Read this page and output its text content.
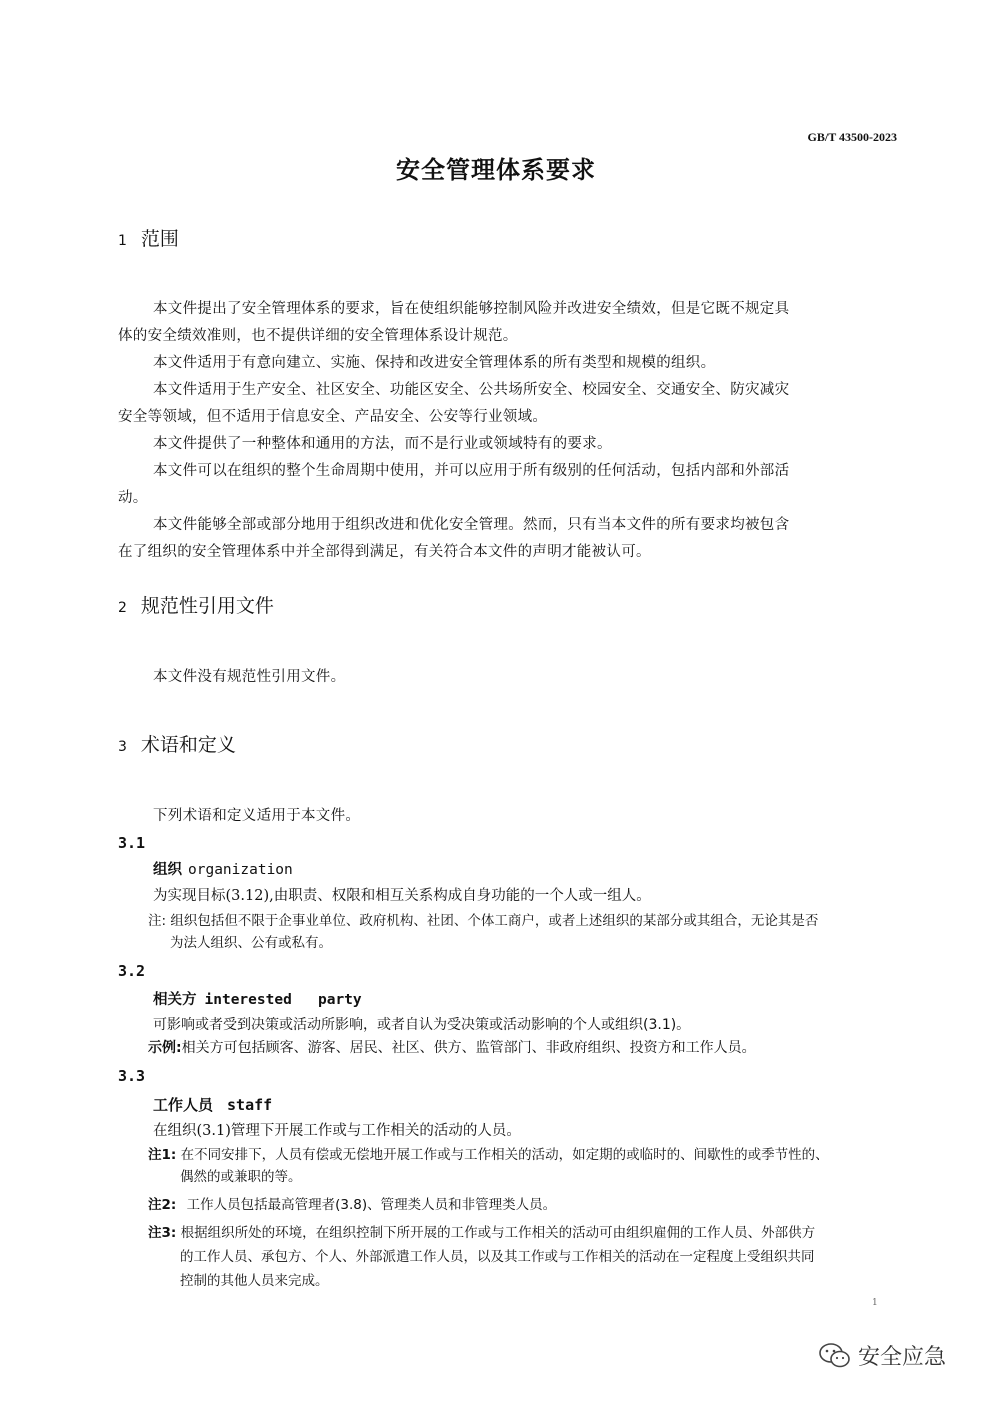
GB/T 43500-2023
安全管理体系要求
1 范围
本文件提出了安全管理体系的要求，旨在使组织能够控制风险并改进安全绩效，但是它既不规定具
体的安全绩效准则，也不提供详细的安全管理体系设计规范。
本文件适用于有意向建立、实施、保持和改进安全管理体系的所有类型和规模的组织。
本文件适用于生产安全、社区安全、功能区安全、公共场所安全、校园安全、交通安全、防灾减灾
安全等领域，但不适用于信息安全、产品安全、公安等行业领域。
本文件提供了一种整体和通用的方法，而不是行业或领域特有的要求。
本文件可以在组织的整个生命周期中使用，并可以应用于所有级别的任何活动，包括内部和外部活
动。
本文件能够全部或部分地用于组织改进和优化安全管理。然而，只有当本文件的所有要求均被包含
在了组织的安全管理体系中并全部得到满足，有关符合本文件的声明才能被认可。
2 规范性引用文件
本文件没有规范性引用文件。
3 术语和定义
下列术语和定义适用于本文件。
3.1
组织 organization
为实现目标(3.12),由职责、权限和相互关系构成自身功能的一个人或一组人。
注: 组织包括但不限于企事业单位、政府机构、社团、个体工商户，或者上述组织的某部分或其组合，无论其是否
为法人组织、公有或私有。
3.2
相关方 interested   party
可影响或者受到决策或活动所影响，或者自认为受决策或活动影响的个人或组织(3.1)。
示例:相关方可包括顾客、游客、居民、社区、供方、监管部门、非政府组织、投资方和工作人员。
3.3
工作人员 staff
在组织(3.1)管理下开展工作或与工作相关的活动的人员。
注1: 在不同安排下，人员有偿或无偿地开展工作或与工作相关的活动，如定期的或临时的、间歇性的或季节性的、
偶然的或兼职的等。
注2: 工作人员包括最高管理者(3.8)、管理类人员和非管理类人员。
注3: 根据组织所处的环境，在组织控制下所开展的工作或与工作相关的活动可由组织雇佣的工作人员、外部供方
的工作人员、承包方、个人、外部派遣工作人员，以及其工作或与工作相关的活动在一定程度上受组织共同
控制的其他人员来完成。
1
安全应急
